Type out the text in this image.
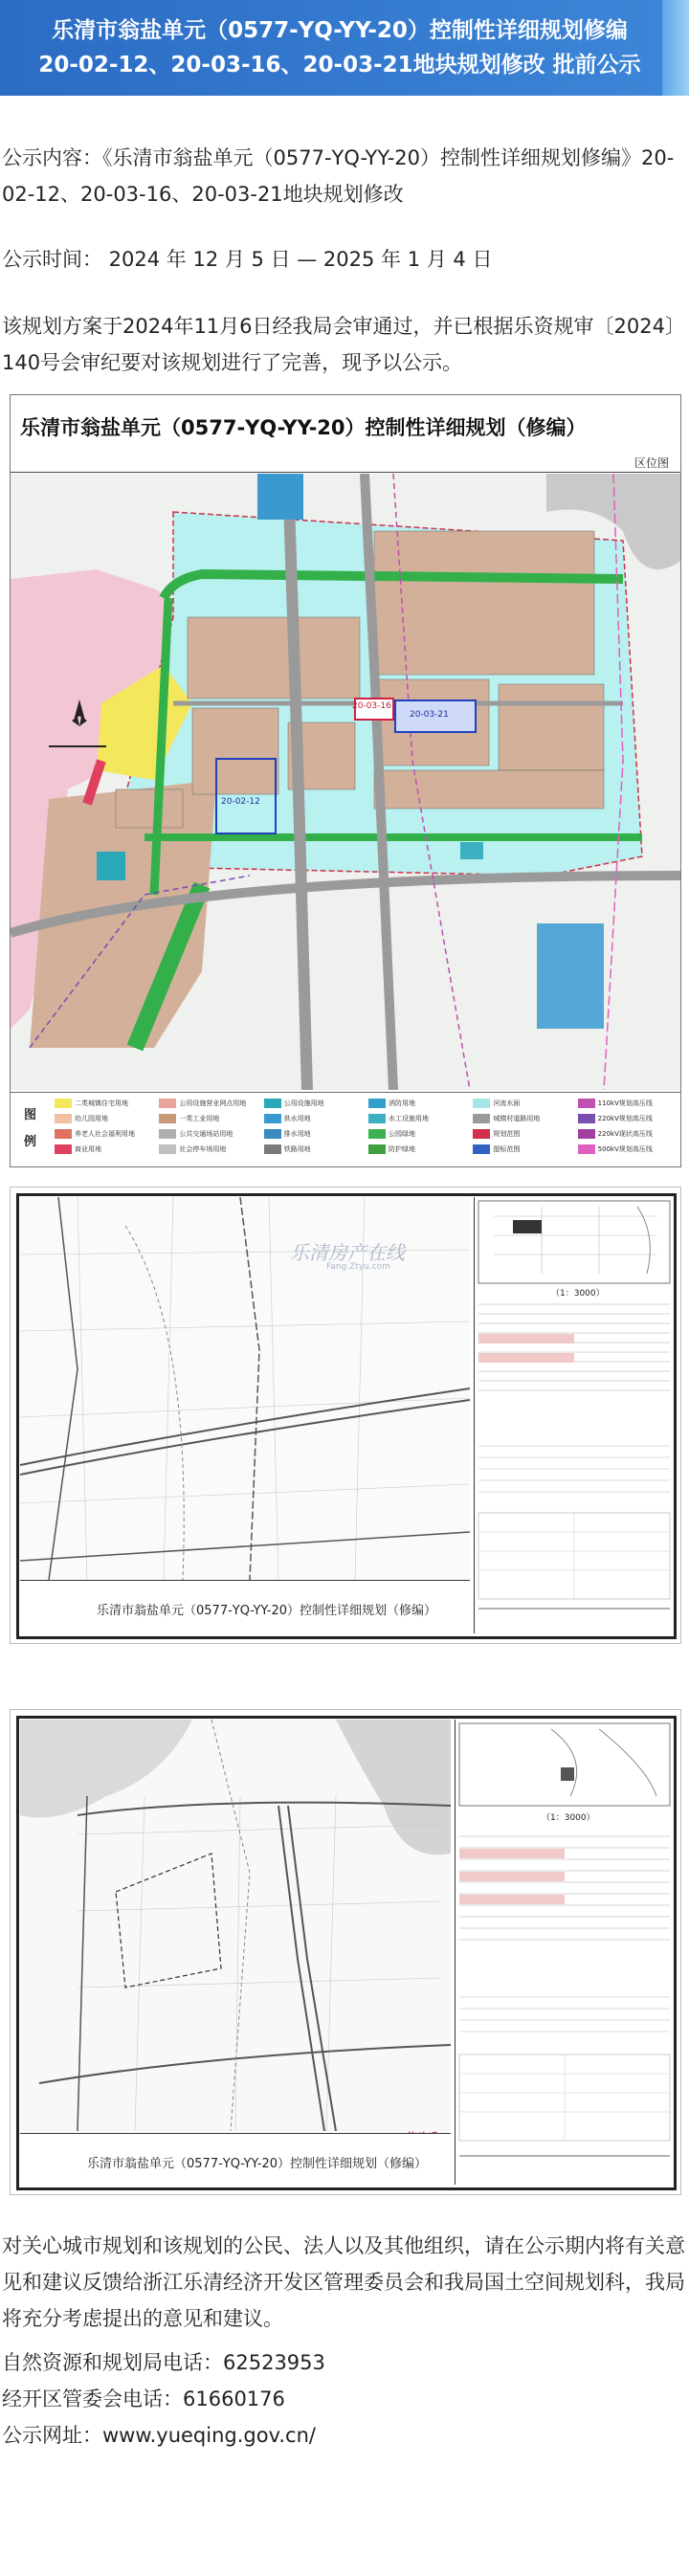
乐清市翁盐单元（0577-YQ-YY-20）控制性详细规划修编20-02-12、20-03-16、20-03-21地块规划修改 批前公示

公示内容：《乐清市翁盐单元（0577-YQ-YY-20）控制性详细规划修编》20-02-12、20-03-16、20-03-21地块规划修改

公示时间： 2024 年 12 月 5 日 — 2025 年 1 月 4 日

该规划方案于2024年11月6日经我局会审通过，并已根据乐资规审〔2024〕140号会审纪要对该规划进行了完善，现予以公示。

乐清市翁盐单元（0577-YQ-YY-20）控制性详细规划（修编）
区位图
20-03-16
20-03-21
20-02-12
图例
二类城镇住宅用地	公用设施营业网点用地	公用设施用地	消防用地	河流水面	110kV规划高压线
幼儿园用地	一类工业用地	供水用地	水工设施用地	城镇村道路用地	220kV规划高压线
养老人社会福利用地	公共交通场站用地	排水用地	公园绿地	规划范围	220kV现状高压线
商业用地	社会停车场用地	铁路用地	防护绿地	提标范围	500kV规划高压线
乐清房产在线
Fang.Ztyu.com
乐清市翁盐单元（0577-YQ-YY-20）控制性详细规划（修编）
（1：3000）
乐清市翁盐单元（0577-YQ-YY-20）控制性详细规划（修编）
（1：3000）

对关心城市规划和该规划的公民、法人以及其他组织，请在公示期内将有关意见和建议反馈给浙江乐清经济开发区管理委员会和我局国土空间规划科，我局将充分考虑提出的意见和建议。

自然资源和规划局电话：62523953
经开区管委会电话：61660176
公示网址：www.yueqing.gov.cn/
